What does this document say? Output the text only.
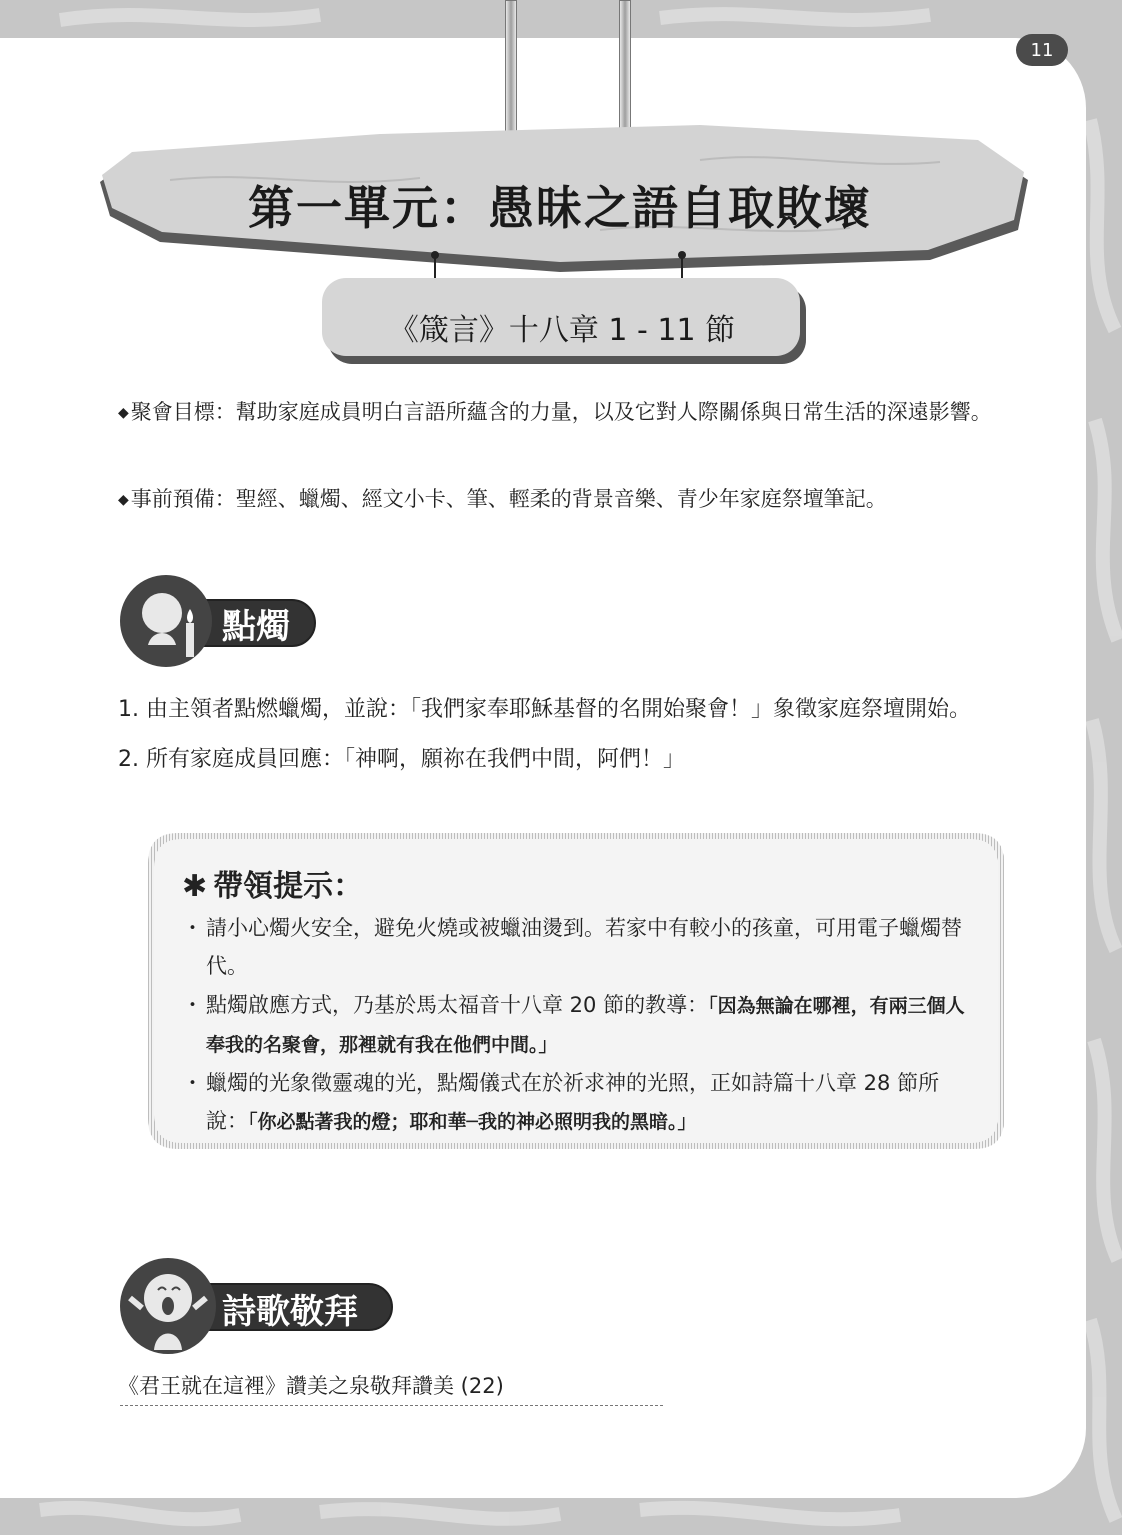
11
第一單元：愚昧之語自取敗壞
《箴言》十八章 1 - 11 節
◆聚會目標： 幫助家庭成員明白言語所蘊含的力量，以及它對人際關係與日常生活的深遠影響。
◆事前預備： 聖經、蠟燭、經文小卡、筆、輕柔的背景音樂、青少年家庭祭壇筆記。
點燭
1. 由主領者點燃蠟燭，並說：「我們家奉耶穌基督的名開始聚會！」象徵家庭祭壇開始。
2. 所有家庭成員回應：「神啊，願祢在我們中間，阿們！」
✱ 帶領提示：
・ 請小心燭火安全，避免火燒或被蠟油燙到。若家中有較小的孩童，可用電子蠟燭替代。
・ 點燭啟應方式，乃基於馬太福音十八章 20 節的教導：「因為無論在哪裡，有兩三個人奉我的名聚會，那裡就有我在他們中間。」
・ 蠟燭的光象徵靈魂的光，點燭儀式在於祈求神的光照，正如詩篇十八章 28 節所說：「你必點著我的燈；耶和華─我的神必照明我的黑暗。」
詩歌敬拜
《君王就在這裡》讚美之泉敬拜讚美 (22)
